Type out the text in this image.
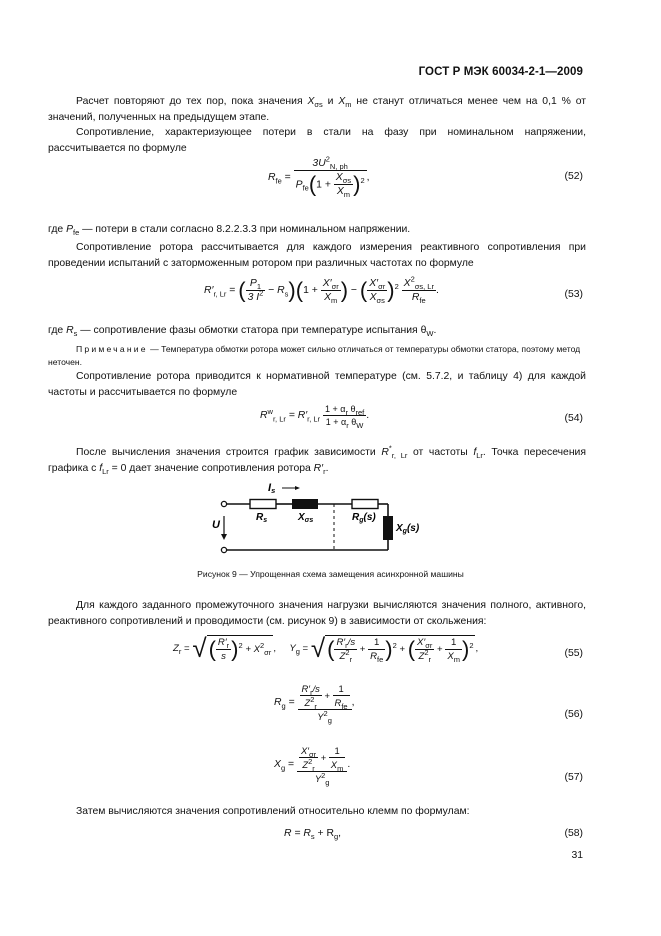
ГОСТ Р МЭК 60034-2-1—2009
Расчет повторяют до тех пор, пока значения $X_{\sigma s}$ и $X_m$ не станут отличаться менее чем на 0,1 % от значений, полученных на предыдущем этапе.
Сопротивление, характеризующее потери в стали на фазу при номинальном напряжении, рассчитывается по формуле
$R_{fe} = \frac{3U^2_{N, ph}}{P_{fe}(1 + \frac{X_{\sigma s}}{X_m} )^2}$ ,	(52)
где $P_{fe}$ — потери в стали согласно 8.2.2.3.3 при номинальном напряжении.
Сопротивление ротора рассчитывается для каждого измерения реактивного сопротивления при проведении испытаний с заторможенным ротором при различных частотах по формуле
$R'_{r, Lr}$ = ( $\frac{P_1}{3 I^2} - R_s)(1 + \frac{X'_{\sigma r}}{X_m}$ ) − ( $\frac{X'_{\sigma r}}{X_{\sigma s}} )^2 \frac{X^2_{\sigma s, Lr}}{R_{fe}}$ .	(53)
где $R_s$ — сопротивление фазы обмотки статора при температуре испытания $\theta_W$.
Примечание — Температура обмотки ротора может сильно отличаться от температуры обмотки статора, поэтому метод неточен.
Сопротивление ротора приводится к нормативной температуре (см. 5.7.2, и таблицу 4) для каждой частоты и рассчитывается по формуле
$R^w_{r, Lr} = R'_{r, Lr} \frac{1 + \alpha_r \theta_{ref}}{1 + \alpha_r \theta_W}$ .	(54)
После вычисления значения строится график зависимости $R^*_{r, Lr}$ от частоты $f_{Lr}$. Точка пересечения графика с $f_{Lr} = 0$ дает значение сопротивления ротора $R'_r$.
Is
U
$R_s$	$X_{\sigma s}$	$R_g(s)$
$X_g(s)$
Рисунок 9 — Упрощенная схема замещения асинхронной машины
Для каждого заданного промежуточного значения нагрузки вычисляются значения полного, активного, реактивного сопротивлений и проводимости (см. рисунок 9) в зависимости от скольжения:
$Z_r$ = √( $\frac{R'_r}{s} )^2 + X^2_{\sigma r}$ , $Y_g$ = √( $\frac{R'_r/s}{Z^2_r} + \frac{1}{R_{fe}} )^2$ + ( $\frac{X'_{\sigma r}}{Z^2_r} + \frac{1}{X_m} )^2$ ,	(55)
$R_g = \frac{\frac{R'_r/s}{Z^2_r} + \frac{1}{R_{fe}}}{Y^2_g}$ ,
(56)
$X_g = \frac{\frac{X'_{\sigma r}}{Z^2_r} + \frac{1}{X_m}}{Y^2_g}$ .
(57)
Затем вычисляются значения сопротивлений относительно клемм по формулам:
$R = R_s + R_g$,	(58)
31
